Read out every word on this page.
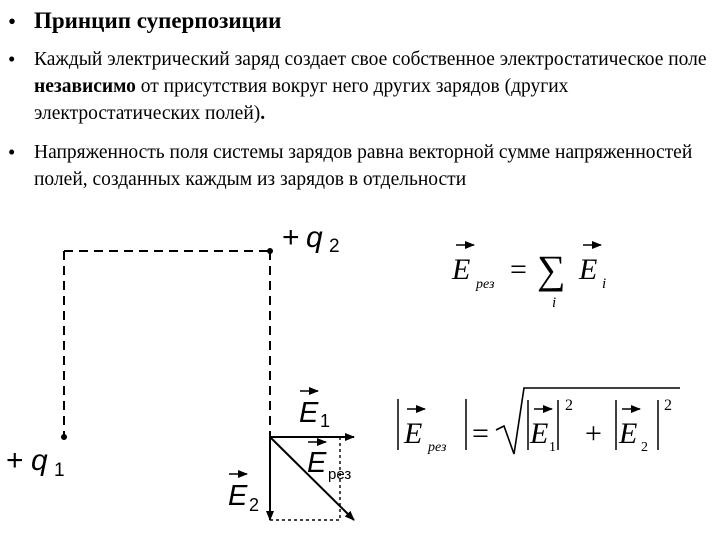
• Принцип суперпозиции
• Каждый электрический заряд создает свое собственное электростатическое поле независимо от присутствия вокруг него других зарядов (других электростатических полей).
• Напряженность поля системы зарядов равна векторной сумме напряженностей полей, созданных каждым из зарядов в отдельности
+ q 2
+ q 1
E 1
E рез
E 2
E рез = ∑
i
E i
E рез = E 1
2
+ E 2
2
